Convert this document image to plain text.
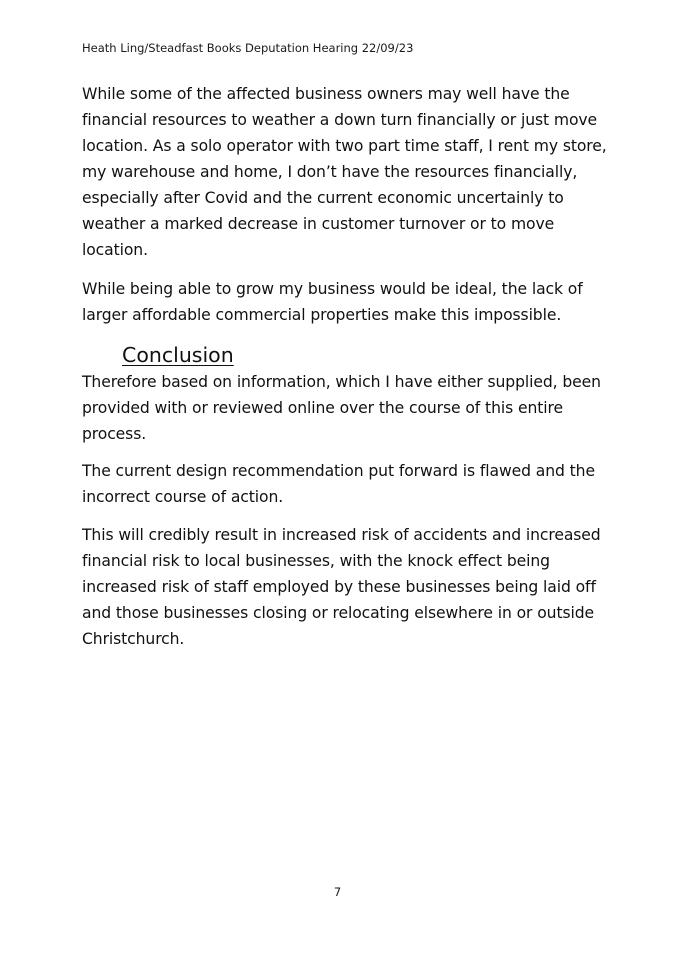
Heath Ling/Steadfast Books Deputation Hearing 22/09/23

While some of the affected business owners may well have the financial resources to weather a down turn financially or just move location. As a solo operator with two part time staff, I rent my store, my warehouse and home, I don’t have the resources financially, especially after Covid and the current economic uncertainly to weather a marked decrease in customer turnover or to move location.

While being able to grow my business would be ideal, the lack of larger affordable commercial properties make this impossible.

Conclusion

Therefore based on information, which I have either supplied, been provided with or reviewed online over the course of this entire process.

The current design recommendation put forward is flawed and the incorrect course of action.

This will credibly result in increased risk of accidents and increased financial risk to local businesses, with the knock effect being increased risk of staff employed by these businesses being laid off and those businesses closing or relocating elsewhere in or outside Christchurch.

7
